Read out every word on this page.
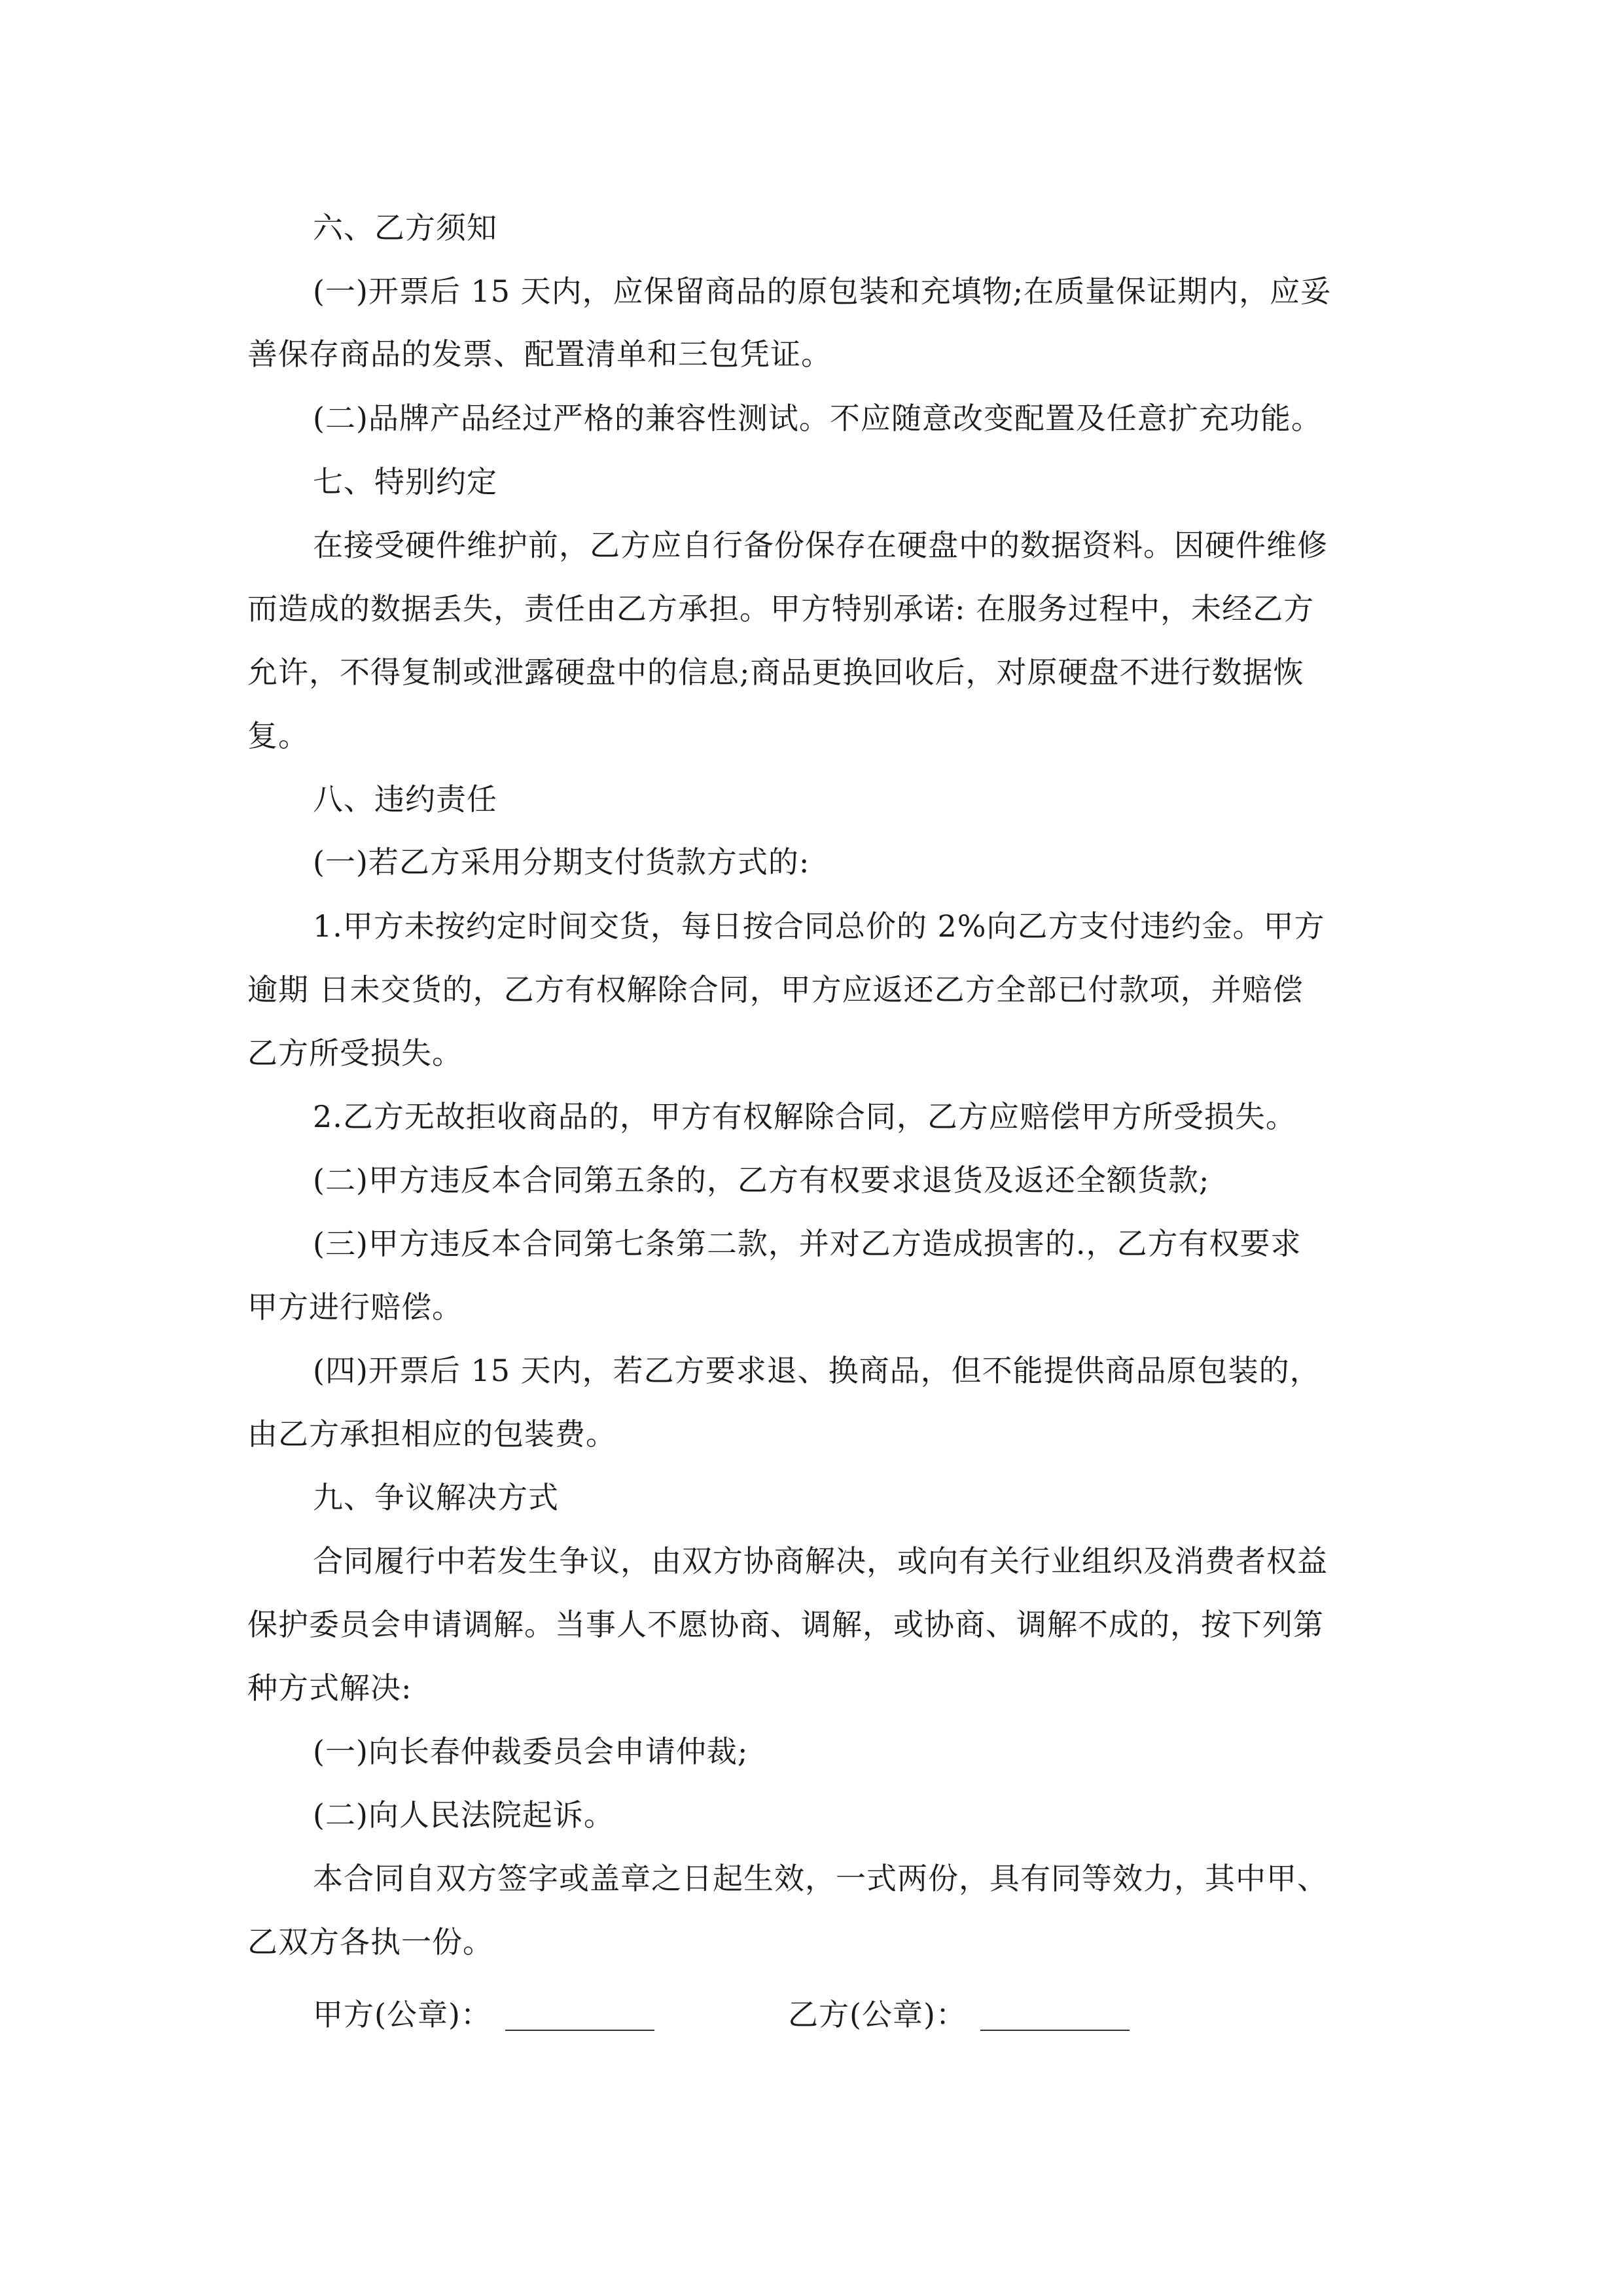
六、乙方须知
(一)开票后 15 天内，应保留商品的原包装和充填物;在质量保证期内，应妥
善保存商品的发票、配置清单和三包凭证。
(二)品牌产品经过严格的兼容性测试。不应随意改变配置及任意扩充功能。
七、特别约定
在接受硬件维护前，乙方应自行备份保存在硬盘中的数据资料。因硬件维修
而造成的数据丢失，责任由乙方承担。甲方特别承诺: 在服务过程中，未经乙方
允许，不得复制或泄露硬盘中的信息;商品更换回收后，对原硬盘不进行数据恢
复。
八、违约责任
(一)若乙方采用分期支付货款方式的:
1.甲方未按约定时间交货，每日按合同总价的 2%向乙方支付违约金。甲方
逾期 日未交货的，乙方有权解除合同，甲方应返还乙方全部已付款项，并赔偿
乙方所受损失。
2.乙方无故拒收商品的，甲方有权解除合同，乙方应赔偿甲方所受损失。
(二)甲方违反本合同第五条的，乙方有权要求退货及返还全额货款;
(三)甲方违反本合同第七条第二款，并对乙方造成损害的.，乙方有权要求
甲方进行赔偿。
(四)开票后 15 天内，若乙方要求退、换商品，但不能提供商品原包装的，
由乙方承担相应的包装费。
九、争议解决方式
合同履行中若发生争议，由双方协商解决，或向有关行业组织及消费者权益
保护委员会申请调解。当事人不愿协商、调解，或协商、调解不成的，按下列第
种方式解决:
(一)向长春仲裁委员会申请仲裁;
(二)向人民法院起诉。
本合同自双方签字或盖章之日起生效，一式两份，具有同等效力，其中甲、
乙双方各执一份。
甲方(公章)：	乙方(公章)：
